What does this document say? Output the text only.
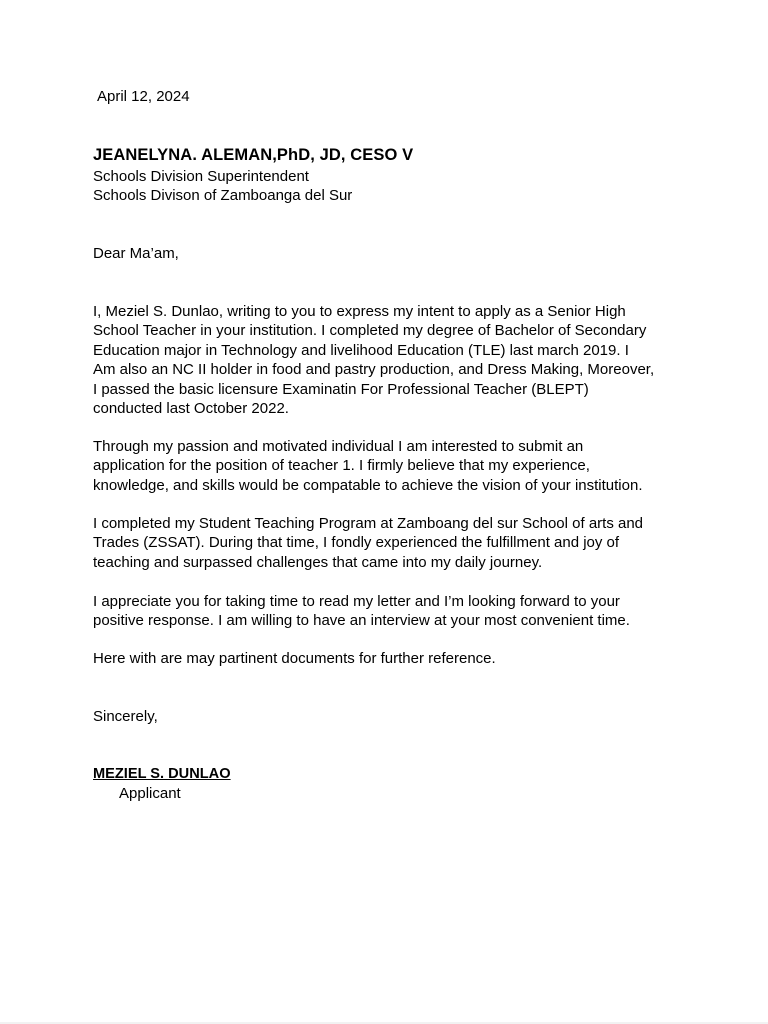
April 12, 2024
JEANELYNA. ALEMAN,PhD, JD, CESO V
Schools Division Superintendent
Schools Divison of Zamboanga del Sur
Dear Ma’am,
I, Meziel S. Dunlao, writing to you to express my intent to apply as a Senior High
School Teacher in your institution. I completed my degree of Bachelor of Secondary
Education major in Technology and livelihood Education (TLE) last march 2019. I
Am also an NC II holder in food and pastry production, and Dress Making, Moreover,
I passed the basic licensure Examinatin For Professional Teacher (BLEPT)
conducted last October 2022.
Through my passion and motivated individual I am interested to submit an
application for the position of teacher 1. I firmly believe that my experience,
knowledge, and skills would be compatable to achieve the vision of your institution.
I completed my Student Teaching Program at Zamboang del sur School of arts and
Trades (ZSSAT). During that time, I fondly experienced the fulfillment and joy of
teaching and surpassed challenges that came into my daily journey.
I appreciate you for taking time to read my letter and I’m looking forward to your
positive response. I am willing to have an interview at your most convenient time.
Here with are may partinent documents for further reference.
Sincerely,
MEZIEL S. DUNLAO
Applicant
